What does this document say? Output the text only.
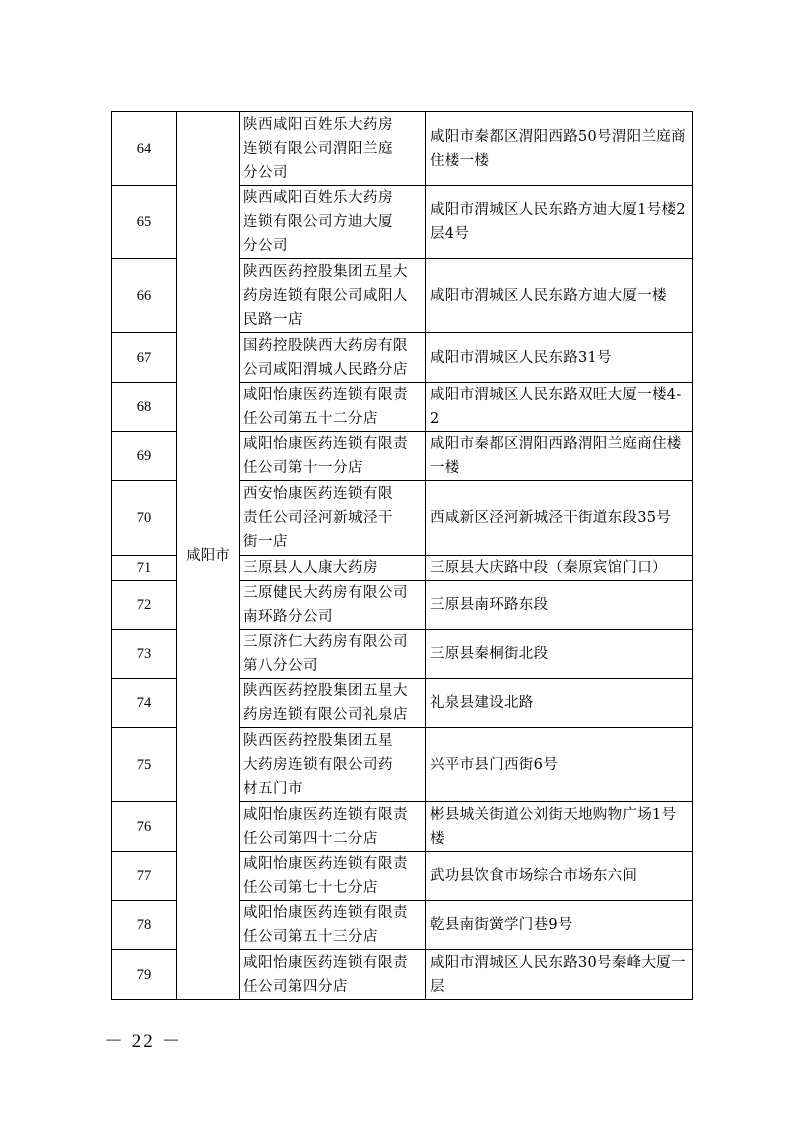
64	咸阳市	陕西咸阳百姓乐大药房
连锁有限公司渭阳兰庭
分公司	咸阳市秦都区渭阳西路50号渭阳兰庭商住楼一楼

65		陕西咸阳百姓乐大药房
连锁有限公司方迪大厦
分公司	咸阳市渭城区人民东路方迪大厦1号楼2层4号

66		陕西医药控股集团五星大
药房连锁有限公司咸阳人
民路一店	咸阳市渭城区人民东路方迪大厦一楼

67		国药控股陕西大药房有限
公司咸阳渭城人民路分店	咸阳市渭城区人民东路31号

68		咸阳怡康医药连锁有限责
任公司第五十二分店	咸阳市渭城区人民东路双旺大厦一楼4-2

69		咸阳怡康医药连锁有限责
任公司第十一分店	咸阳市秦都区渭阳西路渭阳兰庭商住楼一楼

70		西安怡康医药连锁有限
责任公司泾河新城泾干
街一店	西咸新区泾河新城泾干街道东段35号

71		三原县人人康大药房	三原县大庆路中段（秦原宾馆门口）

72		三原健民大药房有限公司
南环路分公司	三原县南环路东段

73		三原济仁大药房有限公司
第八分公司	三原县秦桐街北段

74		陕西医药控股集团五星大
药房连锁有限公司礼泉店	礼泉县建设北路

75		陕西医药控股集团五星
大药房连锁有限公司药
材五门市	兴平市县门西街6号

76		咸阳怡康医药连锁有限责
任公司第四十二分店	彬县城关街道公刘街天地购物广场1号楼

77		咸阳怡康医药连锁有限责
任公司第七十七分店	武功县饮食市场综合市场东六间

78		咸阳怡康医药连锁有限责
任公司第五十三分店	乾县南街黉学门巷9号

79		咸阳怡康医药连锁有限责
任公司第四分店	咸阳市渭城区人民东路30号秦峰大厦一层
－ 22 －
